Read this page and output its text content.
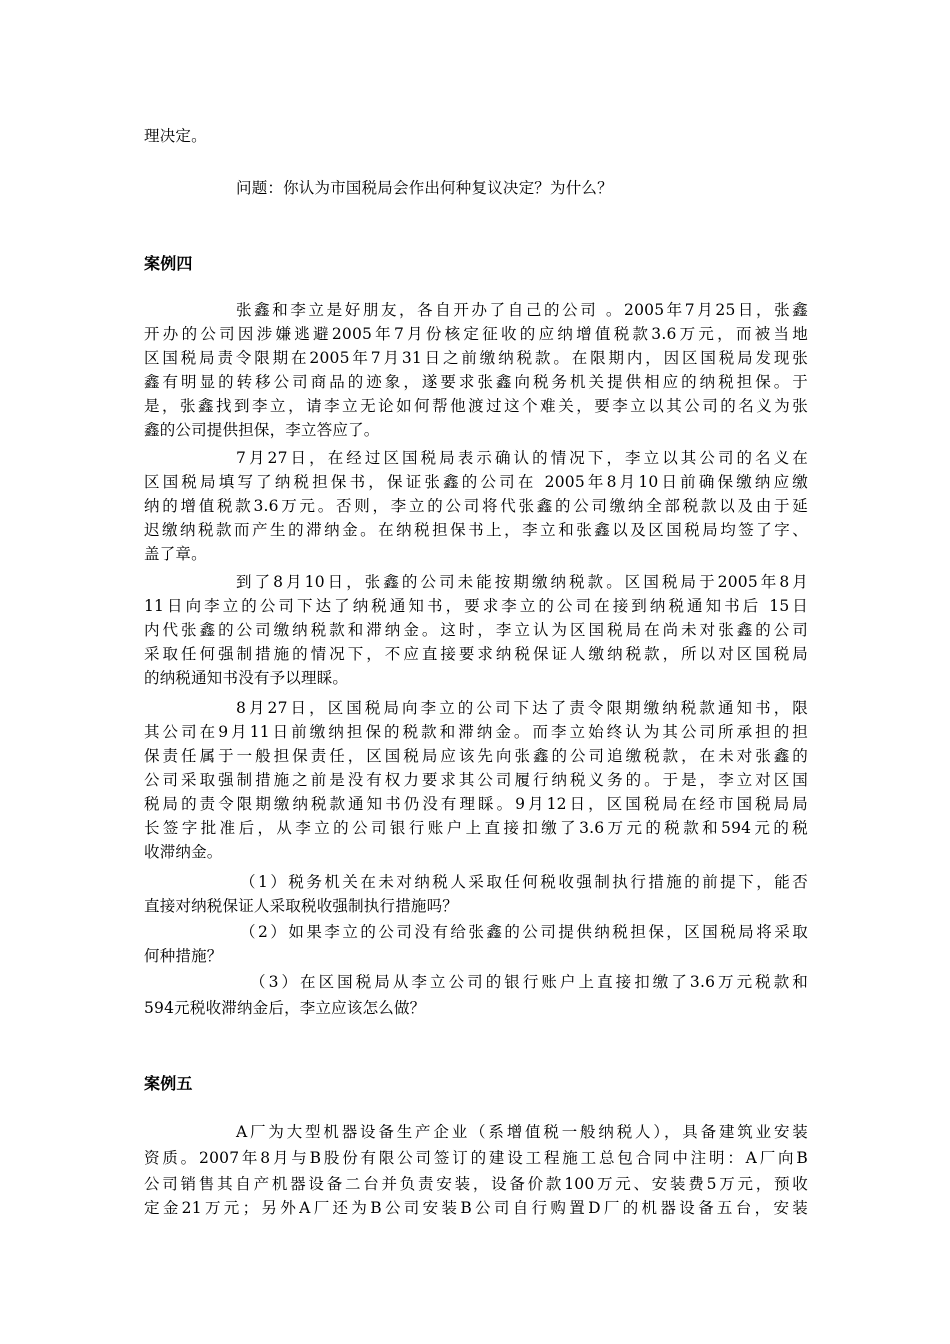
理决定。
问题：你认为市国税局会作出何种复议决定？为什么？
案例四
张鑫和李立是好朋友，各自开办了自己的公司 。2005年7月25日，张鑫
开办的公司因涉嫌逃避2005年7月份核定征收的应纳增值税款3.6万元，而被当地
区国税局责令限期在2005年7月31日之前缴纳税款。在限期内，因区国税局发现张
鑫有明显的转移公司商品的迹象，遂要求张鑫向税务机关提供相应的纳税担保。于
是，张鑫找到李立，请李立无论如何帮他渡过这个难关，要李立以其公司的名义为张
鑫的公司提供担保，李立答应了。
7月27日，在经过区国税局表示确认的情况下，李立以其公司的名义在
区国税局填写了纳税担保书，保证张鑫的公司在 2005年8月10日前确保缴纳应缴
纳的增值税款3.6万元。否则，李立的公司将代张鑫的公司缴纳全部税款以及由于延
迟缴纳税款而产生的滞纳金。在纳税担保书上，李立和张鑫以及区国税局均签了字、
盖了章。
到了8月10日，张鑫的公司未能按期缴纳税款。区国税局于2005年8月
11日向李立的公司下达了纳税通知书，要求李立的公司在接到纳税通知书后 15日
内代张鑫的公司缴纳税款和滞纳金。这时，李立认为区国税局在尚未对张鑫的公司
采取任何强制措施的情况下，不应直接要求纳税保证人缴纳税款，所以对区国税局
的纳税通知书没有予以理睬。
8月27日，区国税局向李立的公司下达了责令限期缴纳税款通知书，限
其公司在9月11日前缴纳担保的税款和滞纳金。而李立始终认为其公司所承担的担
保责任属于一般担保责任，区国税局应该先向张鑫的公司追缴税款，在未对张鑫的
公司采取强制措施之前是没有权力要求其公司履行纳税义务的。于是，李立对区国
税局的责令限期缴纳税款通知书仍没有理睬。9月12日，区国税局在经市国税局局
长签字批准后，从李立的公司银行账户上直接扣缴了3.6万元的税款和594元的税
收滞纳金。
（1）税务机关在未对纳税人采取任何税收强制执行措施的前提下，能否
直接对纳税保证人采取税收强制执行措施吗？
（2）如果李立的公司没有给张鑫的公司提供纳税担保，区国税局将采取
何种措施？
（3）在区国税局从李立公司的银行账户上直接扣缴了3.6万元税款和
594元税收滞纳金后，李立应该怎么做？
案例五
A厂为大型机器设备生产企业（系增值税一般纳税人），具备建筑业安装
资质。2007年8月与B股份有限公司签订的建设工程施工总包合同中注明：A厂向B
公司销售其自产机器设备二台并负责安装，设备价款100万元、安装费5万元，预收
定金21万元；另外A厂还为B公司安装B公司自行购置D厂的机器设备五台，安装
